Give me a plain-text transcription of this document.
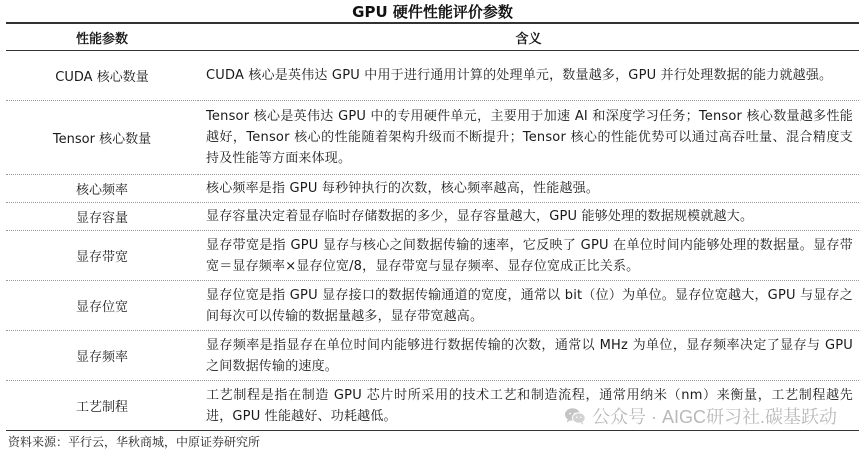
GPU 硬件性能评价参数
性能参数	含义
CUDA 核心数量	CUDA 核心是英伟达 GPU 中用于进行通用计算的处理单元，数量越多，GPU 并行处理数据的能力就越强。
Tensor 核心数量	Tensor 核心是英伟达 GPU 中的专用硬件单元，主要用于加速 AI 和深度学习任务；Tensor 核心数量越多性能越好，Tensor 核心的性能随着架构升级而不断提升；Tensor 核心的性能优势可以通过高吞吐量、混合精度支持及性能等方面来体现。
核心频率	核心频率是指 GPU 每秒钟执行的次数，核心频率越高，性能越强。
显存容量	显存容量决定着显存临时存储数据的多少，显存容量越大，GPU 能够处理的数据规模就越大。
显存带宽	显存带宽是指 GPU 显存与核心之间数据传输的速率，它反映了 GPU 在单位时间内能够处理的数据量。显存带宽＝显存频率×显存位宽/8，显存带宽与显存频率、显存位宽成正比关系。
显存位宽	显存位宽是指 GPU 显存接口的数据传输通道的宽度，通常以 bit（位）为单位。显存位宽越大，GPU 与显存之间每次可以传输的数据量越多，显存带宽越高。
显存频率	显存频率是指显存在单位时间内能够进行数据传输的次数，通常以 MHz 为单位，显存频率决定了显存与 GPU 之间数据传输的速度。
工艺制程	工艺制程是指在制造 GPU 芯片时所采用的技术工艺和制造流程，通常用纳米（nm）来衡量，工艺制程越先进，GPU 性能越好、功耗越低。
资料来源：平行云，华秋商城，中原证券研究所
公众号 · AIGC研习社.碳基跃动
